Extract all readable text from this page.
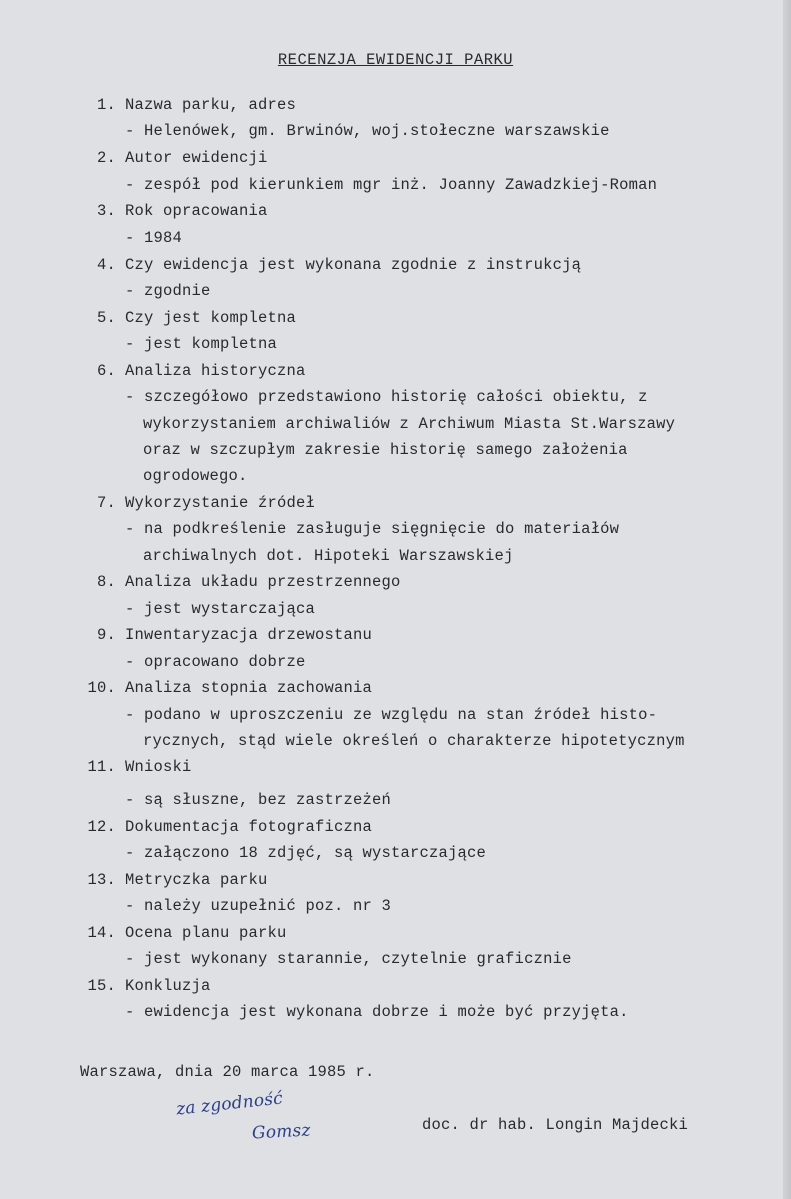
RECENZJA EWIDENCJI PARKU
1. Nazwa parku, adres
- Helenówek, gm. Brwinów, woj.stołeczne warszawskie
2. Autor ewidencji
- zespół pod kierunkiem mgr inż. Joanny Zawadzkiej-Roman
3. Rok opracowania
- 1984
4. Czy ewidencja jest wykonana zgodnie z instrukcją
- zgodnie
5. Czy jest kompletna
- jest kompletna
6. Analiza historyczna
- szczegółowo przedstawiono historię całości obiektu, z
wykorzystaniem archiwaliów z Archiwum Miasta St.Warszawy
oraz w szczupłym zakresie historię samego założenia
ogrodowego.
7. Wykorzystanie źródeł
- na podkreślenie zasługuje sięgnięcie do materiałów
archiwalnych dot. Hipoteki Warszawskiej
8. Analiza układu przestrzennego
- jest wystarczająca
9. Inwentaryzacja drzewostanu
- opracowano dobrze
10. Analiza stopnia zachowania
- podano w uproszczeniu ze względu na stan źródeł histo-
rycznych, stąd wiele określeń o charakterze hipotetycznym
11. Wnioski
- są słuszne, bez zastrzeżeń
12. Dokumentacja fotograficzna
- załączono 18 zdjęć, są wystarczające
13. Metryczka parku
- należy uzupełnić poz. nr 3
14. Ocena planu parku
- jest wykonany starannie, czytelnie graficznie
15. Konkluzja
- ewidencja jest wykonana dobrze i może być przyjęta.
Warszawa, dnia 20 marca 1985 r.
za zgodność
Gomsz	doc. dr hab. Longin Majdecki
